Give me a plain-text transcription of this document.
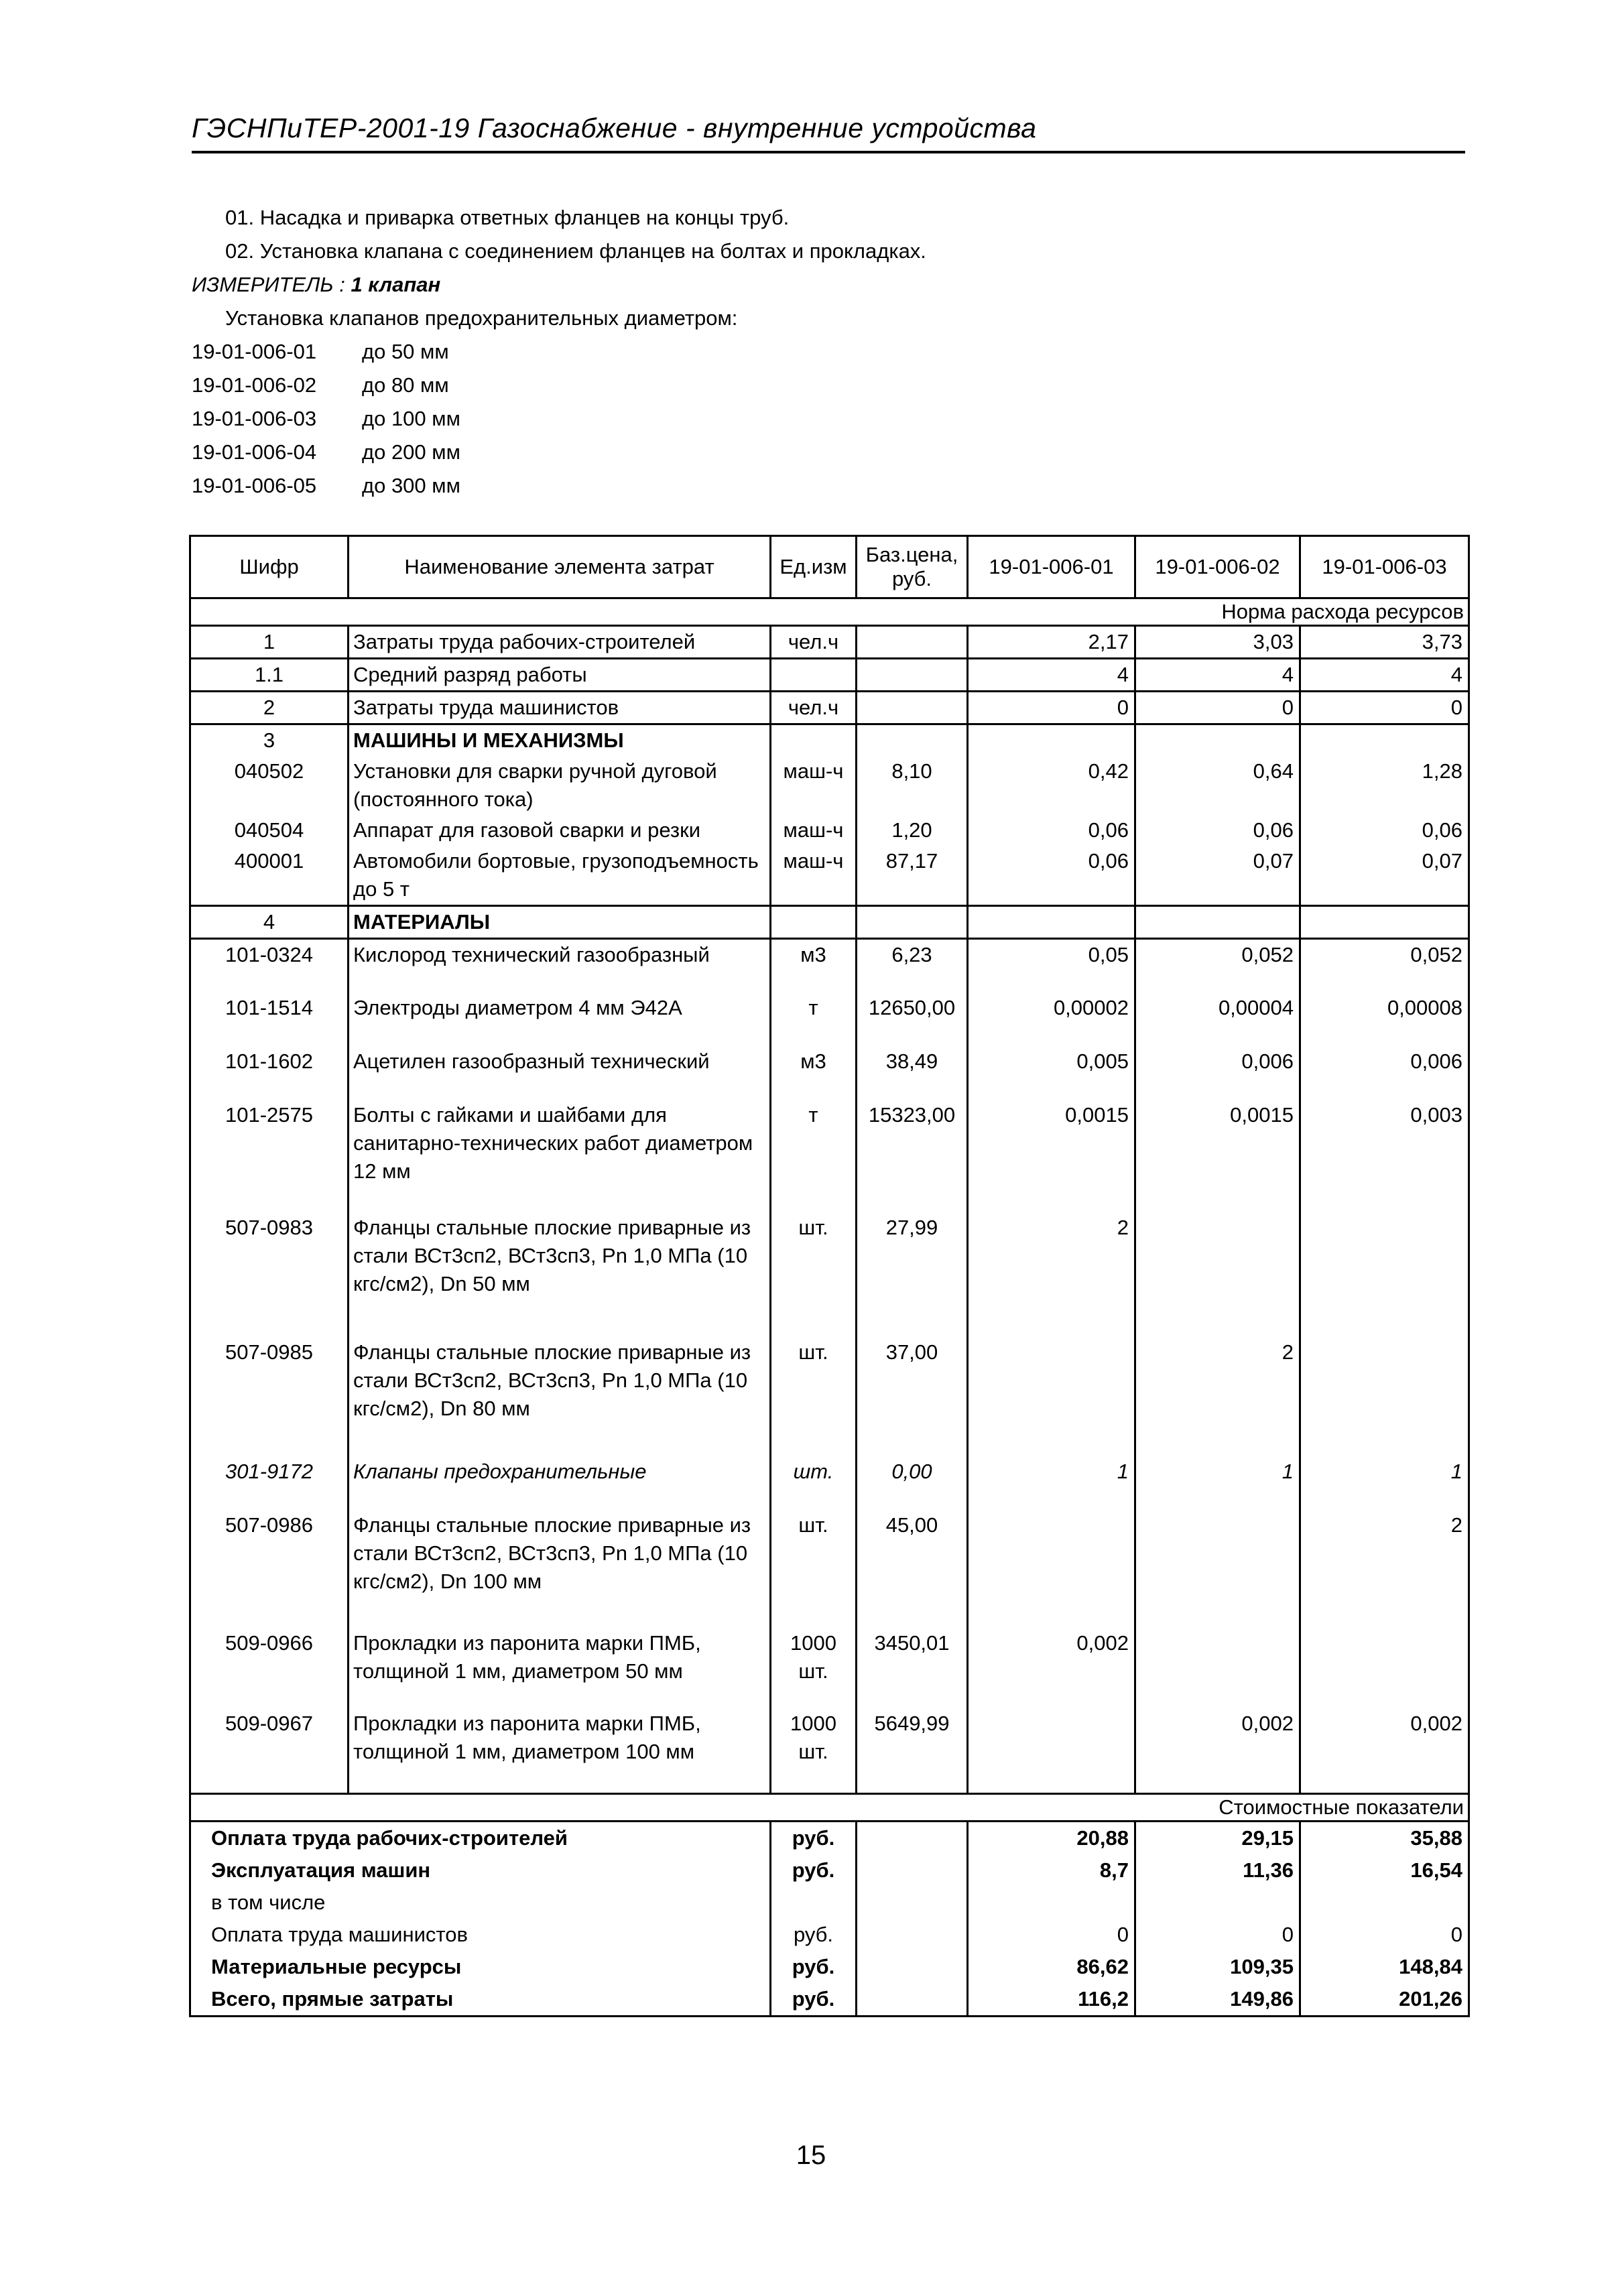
ГЭСНПиТЕР-2001-19 Газоснабжение - внутренние устройства
01. Насадка и приварка ответных фланцев на концы труб.
02. Установка клапана с соединением фланцев на болтах и прокладках.
ИЗМЕРИТЕЛЬ : 1 клапан
Установка клапанов предохранительных диаметром:
19-01-006-01	до 50 мм
19-01-006-02	до 80 мм
19-01-006-03	до 100 мм
19-01-006-04	до 200 мм
19-01-006-05	до 300 мм
Шифр	Наименование элемента затрат	Ед.изм	Баз.цена, руб.	19-01-006-01	19-01-006-02	19-01-006-03
Норма расхода ресурсов						
1	Затраты труда рабочих-строителей	чел.ч		2,17	3,03	3,73
1.1	Средний разряд работы			4	4	4
2	Затраты труда машинистов	чел.ч		0	0	0
3	МАШИНЫ И МЕХАНИЗМЫ					
040502	Установки для сварки ручной дуговой (постоянного тока)	маш-ч	8,10	0,42	0,64	1,28
040504	Аппарат для газовой сварки и резки	маш-ч	1,20	0,06	0,06	0,06
400001	Автомобили бортовые, грузоподъемность до 5 т	маш-ч	87,17	0,06	0,07	0,07
4	МАТЕРИАЛЫ					
101-0324	Кислород технический газообразный	м3	6,23	0,05	0,052	0,052
101-1514	Электроды диаметром 4 мм Э42А	т	12650,00	0,00002	0,00004	0,00008
101-1602	Ацетилен газообразный технический	м3	38,49	0,005	0,006	0,006
101-2575	Болты с гайками и шайбами для санитарно-технических работ диаметром 12 мм	т	15323,00	0,0015	0,0015	0,003
507-0983	Фланцы стальные плоские приварные из стали ВСт3сп2, ВСт3сп3, Рn 1,0 МПа (10 кгс/см2), Dn 50 мм	шт.	27,99	2		
507-0985	Фланцы стальные плоские приварные из стали ВСт3сп2, ВСт3сп3, Рn 1,0 МПа (10 кгс/см2), Dn 80 мм	шт.	37,00		2	
301-9172	Клапаны предохранительные	шт.	0,00	1	1	1
507-0986	Фланцы стальные плоские приварные из стали ВСт3сп2, ВСт3сп3, Рn 1,0 МПа (10 кгс/см2), Dn 100 мм	шт.	45,00			2
509-0966	Прокладки из паронита марки ПМБ, толщиной 1 мм, диаметром 50 мм	1000 шт.	3450,01	0,002		
509-0967	Прокладки из паронита марки ПМБ, толщиной 1 мм, диаметром 100 мм	1000 шт.	5649,99		0,002	0,002
Стоимостные показатели						
Оплата труда рабочих-строителей		руб.		20,88	29,15	35,88
Эксплуатация машин		руб.		8,7	11,36	16,54
в том числе						
Оплата труда машинистов		руб.		0	0	0
Материальные ресурсы		руб.		86,62	109,35	148,84
Всего, прямые затраты		руб.		116,2	149,86	201,26
15
